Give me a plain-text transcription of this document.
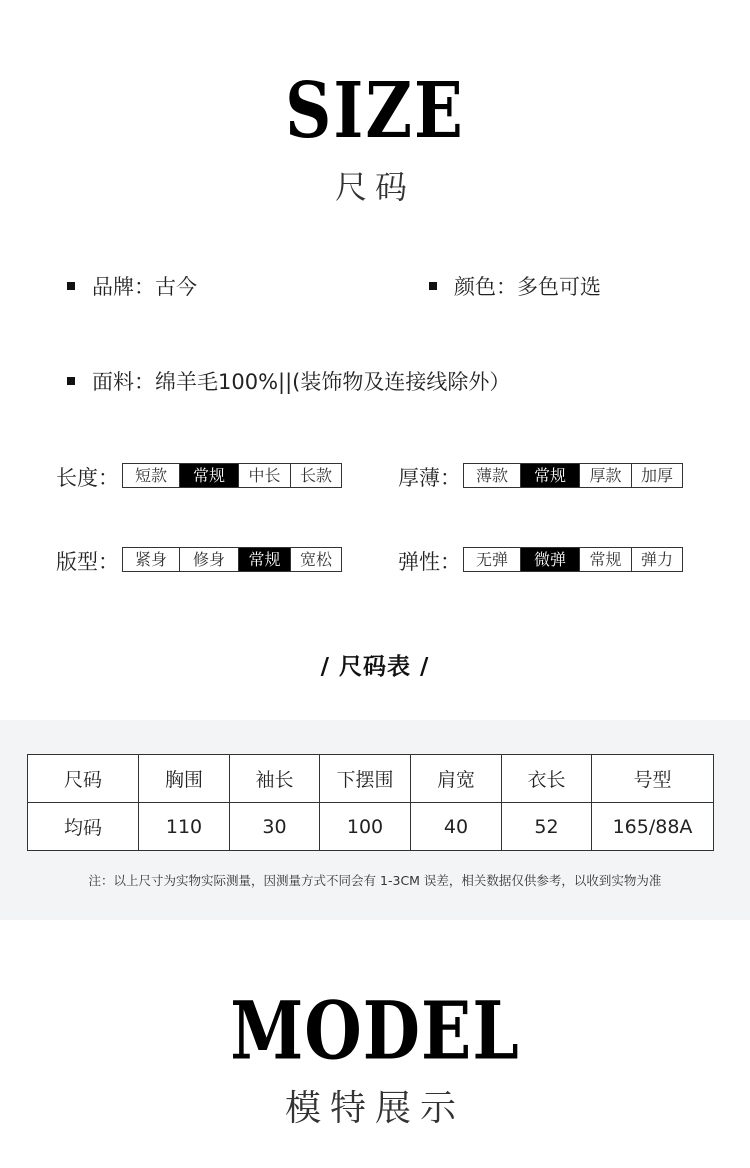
SIZE
尺码
品牌：古今	颜色：多色可选
面料：绵羊毛100%||(装饰物及连接线除外）
长度： 短款	常规	中长	长款	厚薄： 薄款	常规	厚款	加厚
版型： 紧身	修身	常规	宽松	弹性： 无弹	微弹	常规	弹力
/ 尺码表 /
尺码	胸围	袖长	下摆围	肩宽	衣长	号型
均码	110	30	100	40	52	165/88A
注：以上尺寸为实物实际测量，因测量方式不同会有 1-3CM 误差，相关数据仅供参考，以收到实物为准
MODEL
模特展示
